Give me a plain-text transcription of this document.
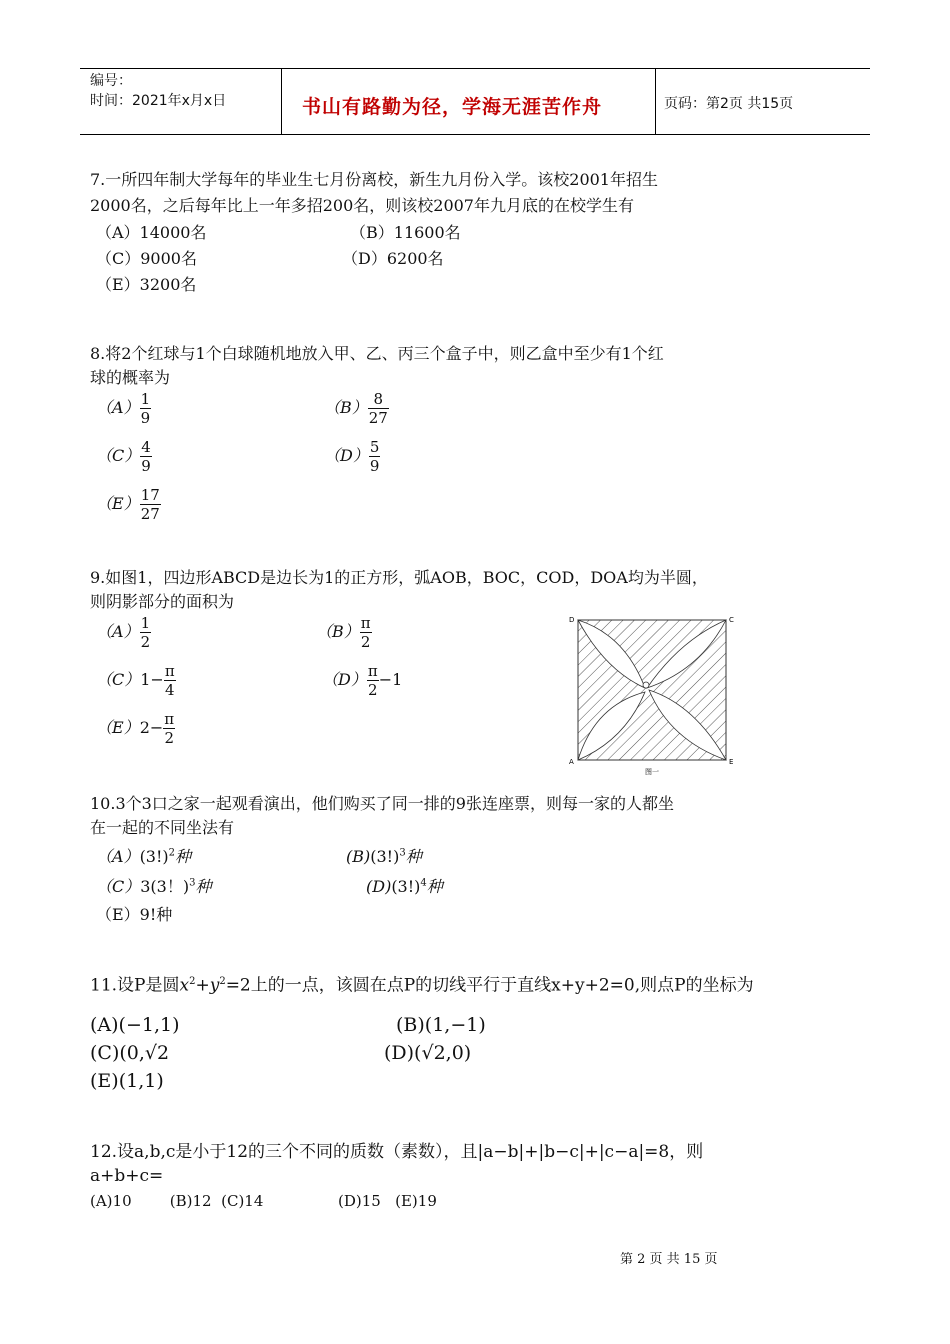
编号：
时间：2021年x月x日	书山有路勤为径，学海无涯苦作舟	页码：第2页 共15页
7.一所四年制大学每年的毕业生七月份离校，新生九月份入学。该校2001年招生
2000名，之后每年比上一年多招200名，则该校2007年九月底的在校学生有
（A）14000名	（B）11600名
（C）9000名	（D）6200名
（E）3200名
8.将2个红球与1个白球随机地放入甲、乙、丙三个盒子中，则乙盒中至少有1个红
球的概率为
$(A) \frac{1}{9}$	$(B) \frac{8}{27}$
$(C) \frac{4}{9}$	$(D) \frac{5}{9}$
$(E) \frac{17}{27}$
9.如图1，四边形ABCD是边长为1的正方形，弧AOB，BOC，COD，DOA均为半圆，
则阴影部分的面积为
$(A) \frac{1}{2}$	$(B) \frac{\pi}{2}$
$(C)1- \frac{\pi}{4}$	$(D) \frac{\pi}{2} -1$
$(E)2- \frac{\pi}{2}$
D	C
A	E
图一
10.3个3口之家一起观看演出，他们购买了同一排的9张连座票，则每一家的人都坐
在一起的不同坐法有
$(A)(3!)^2$种	$(B)(3!)^3$种
（C）3(3！)$^3$种	$(D)(3!)^4$种
（E）9!种
11.设P是圆$x^2+y^2=2$上的一点，该圆在点P的切线平行于直线x+y+2=0,则点P的坐标为
(A)(−1,1)	(B)(1,−1)
(C)(0,√2	(D)(√2,0)
(E)(1,1)
12.设a,b,c是小于12的三个不同的质数（素数），且|a−b|+|b−c|+|c−a|=8，则
a+b+c=
(A)10        (B)12  (C)14	(D)15   (E)19
第 2 页 共 15 页
